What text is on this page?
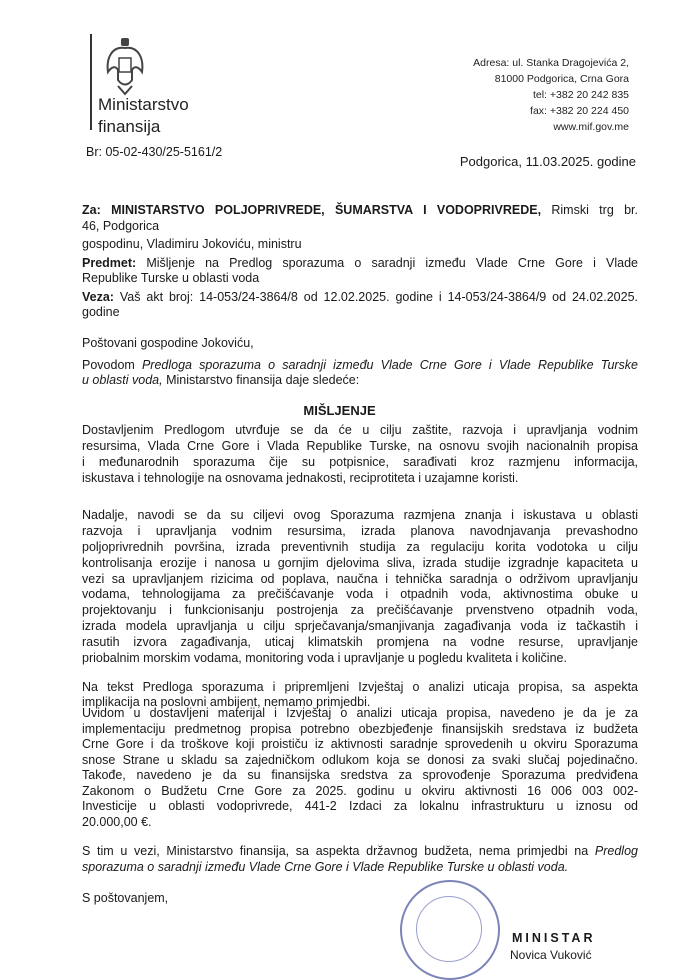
Ministarstvo
finansija
Adresa: ul. Stanka Dragojevića 2,
81000 Podgorica, Crna Gora
tel: +382 20 242 835
fax: +382 20 224 450
www.mif.gov.me
Br: 05-02-430/25-5161/2
Podgorica, 11.03.2025. godine
Za: MINISTARSTVO POLJOPRIVREDE, ŠUMARSTVA I VODOPRIVREDE, Rimski trg br.
46, Podgorica
gospodinu, Vladimiru Jokoviću, ministru
Predmet: Mišljenje na Predlog sporazuma o saradnji između Vlade Crne Gore i Vlade
Republike Turske u oblasti voda
Veza: Vaš akt broj: 14-053/24-3864/8 od 12.02.2025. godine i 14-053/24-3864/9 od 24.02.2025.
godine
Poštovani gospodine Jokoviću,
Povodom Predloga sporazuma o saradnji između Vlade Crne Gore i Vlade Republike Turske
u oblasti voda, Ministarstvo finansija daje sledeće:
MIŠLJENJE
Dostavljenim Predlogom utvrđuje se da će u cilju zaštite, razvoja i upravljanja vodnim
resursima, Vlada Crne Gore i Vlada Republike Turske, na osnovu svojih nacionalnih propisa
i međunarodnih sporazuma čije su potpisnice, sarađivati kroz razmjenu informacija,
iskustava i tehnologije na osnovama jednakosti, reciprotiteta i uzajamne koristi.
Nadalje, navodi se da su ciljevi ovog Sporazuma razmjena znanja i iskustava u oblasti
razvoja i upravljanja vodnim resursima, izrada planova navodnjavanja prevashodno
poljoprivrednih površina, izrada preventivnih studija za regulaciju korita vodotoka u cilju
kontrolisanja erozije i nanosa u gornjim djelovima sliva, izrada studije izgradnje kapaciteta u
vezi sa upravljanjem rizicima od poplava, naučna i tehnička saradnja o održivom upravljanju
vodama, tehnologijama za prečišćavanje voda i otpadnih voda, aktivnostima obuke u
projektovanju i funkcionisanju postrojenja za prečišćavanje prvenstveno otpadnih voda,
izrada modela upravljanja u cilju sprječavanja/smanjivanja zagađivanja voda iz tačkastih i
rasutih izvora zagađivanja, uticaj klimatskih promjena na vodne resurse, upravljanje
priobalnim morskim vodama, monitoring voda i upravljanje u pogledu kvaliteta i količine.
Na tekst Predloga sporazuma i pripremljeni Izvještaj o analizi uticaja propisa, sa aspekta
implikacija na poslovni ambijent, nemamo primjedbi.
Uvidom u dostavljeni materijal i Izvještaj o analizi uticaja propisa, navedeno je da je za
implementaciju predmetnog propisa potrebno obezbjeđenje finansijskih sredstava iz budžeta
Crne Gore i da troškove koji proističu iz aktivnosti saradnje sprovedenih u okviru Sporazuma
snose Strane u skladu sa zajedničkom odlukom koja se donosi za svaki slučaj pojedinačno.
Takođe, navedeno je da su finansijska sredstva za sprovođenje Sporazuma predviđena
Zakonom o Budžetu Crne Gore za 2025. godinu u okviru aktivnosti 16 006 003 002-
Investicije u oblasti vodoprivrede, 441-2 Izdaci za lokalnu infrastrukturu u iznosu od
20.000,00 €.
S tim u vezi, Ministarstvo finansija, sa aspekta državnog budžeta, nema primjedbi na Predlog
sporazuma o saradnji između Vlade Crne Gore i Vlade Republike Turske u oblasti voda.
S poštovanjem,
MINISTAR
Novica Vuković
